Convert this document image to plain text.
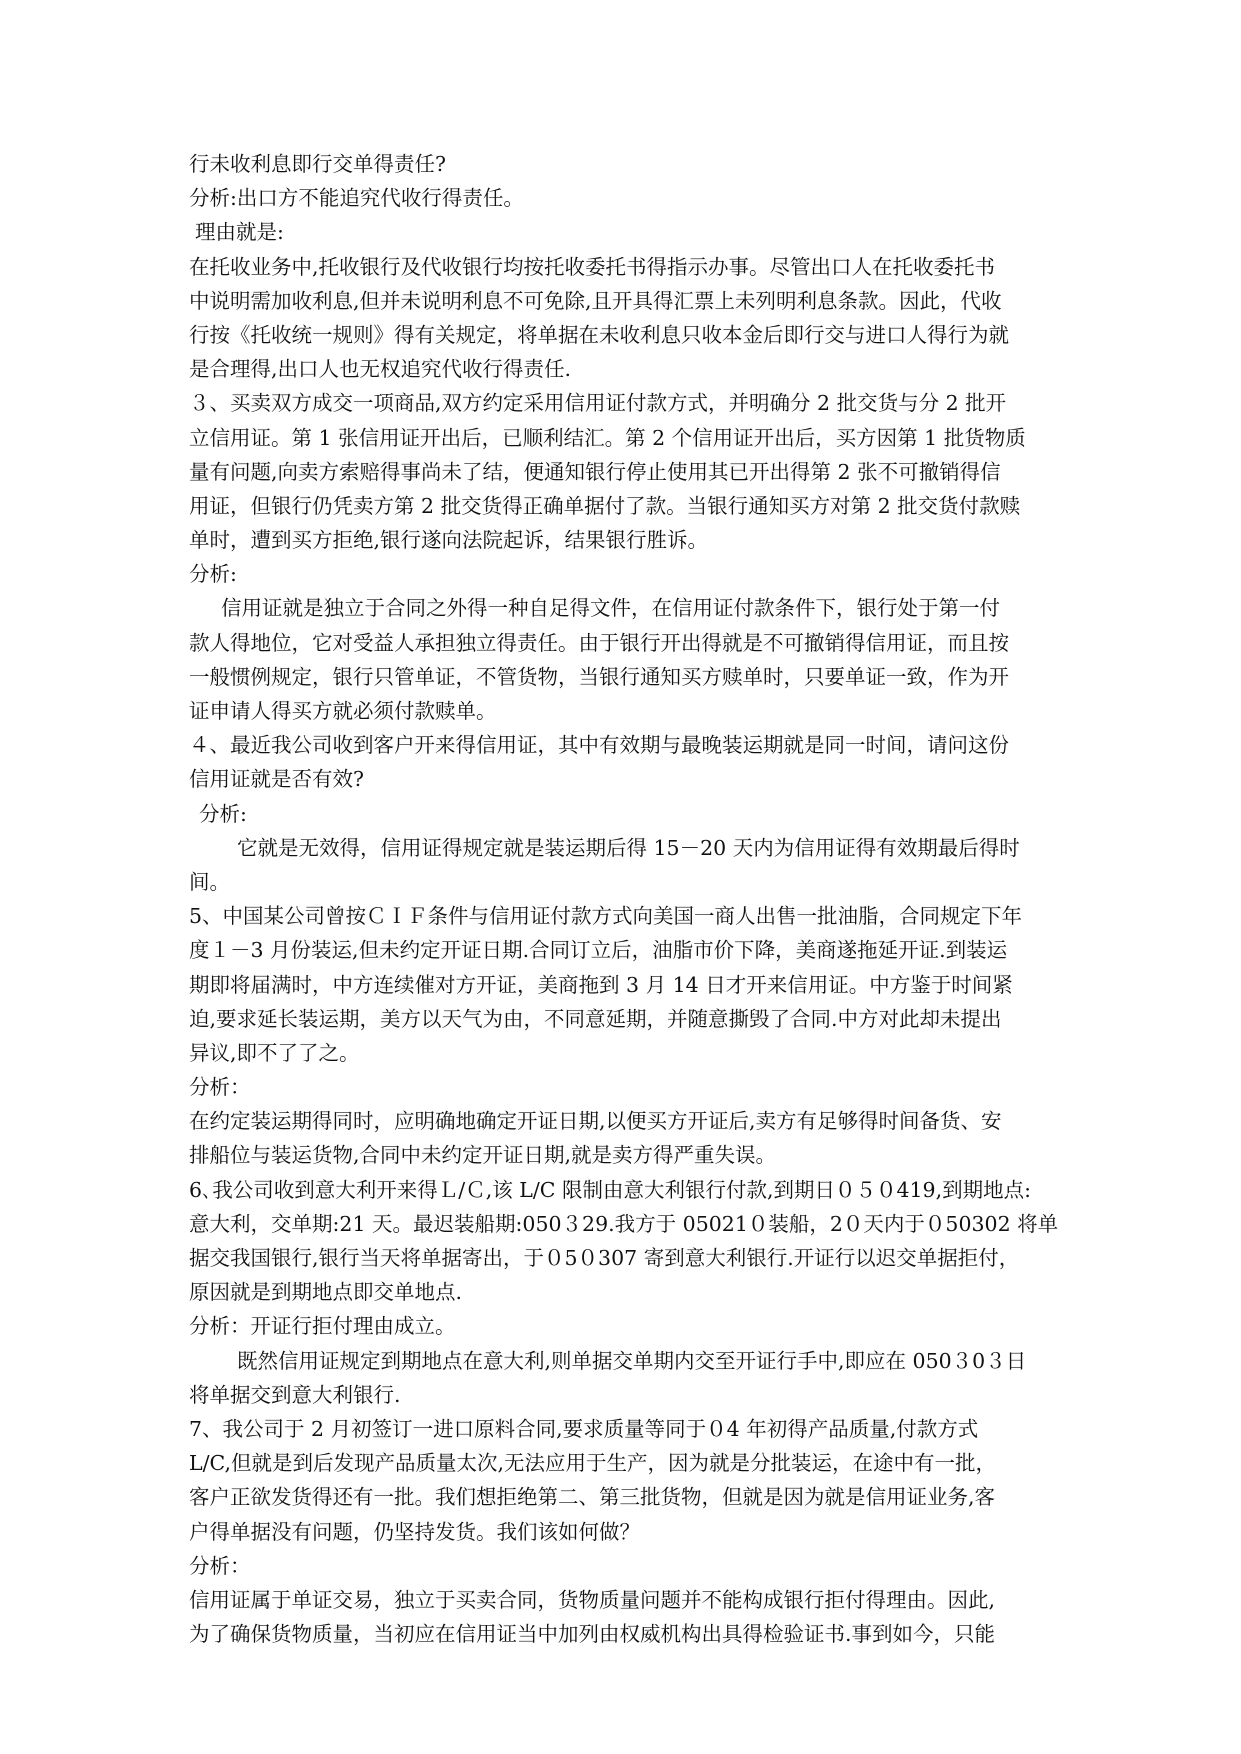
行未收利息即行交单得责任?
分析:出口方不能追究代收行得责任。
理由就是:
在托收业务中,托收银行及代收银行均按托收委托书得指示办事。尽管出口人在托收委托书
中说明需加收利息,但并未说明利息不可免除,且开具得汇票上未列明利息条款。因此，代收
行按《托收统一规则》得有关规定，将单据在未收利息只收本金后即行交与进口人得行为就
是合理得,出口人也无权追究代收行得责任.
３、买卖双方成交一项商品,双方约定采用信用证付款方式，并明确分 2 批交货与分 2 批开
立信用证。第 1 张信用证开出后，已顺利结汇。第 2 个信用证开出后，买方因第 1 批货物质
量有问题,向卖方索赔得事尚未了结，便通知银行停止使用其已开出得第 2 张不可撤销得信
用证，但银行仍凭卖方第 2 批交货得正确单据付了款。当银行通知买方对第 2 批交货付款赎
单时，遭到买方拒绝,银行遂向法院起诉，结果银行胜诉。
分析:
信用证就是独立于合同之外得一种自足得文件，在信用证付款条件下，银行处于第一付
款人得地位，它对受益人承担独立得责任。由于银行开出得就是不可撤销得信用证，而且按
一般惯例规定，银行只管单证，不管货物，当银行通知买方赎单时，只要单证一致，作为开
证申请人得买方就必须付款赎单。
４、最近我公司收到客户开来得信用证，其中有效期与最晚装运期就是同一时间，请问这份
信用证就是否有效?
分析:
它就是无效得，信用证得规定就是装运期后得 15－20 天内为信用证得有效期最后得时
间。
5、中国某公司曾按ＣＩＦ条件与信用证付款方式向美国一商人出售一批油脂，合同规定下年
度１－3 月份装运,但未约定开证日期.合同订立后，油脂市价下降，美商遂拖延开证.到装运
期即将届满时，中方连续催对方开证，美商拖到 3 月 14 日才开来信用证。中方鉴于时间紧
迫,要求延长装运期，美方以天气为由，不同意延期，并随意撕毁了合同.中方对此却未提出
异议,即不了了之。
分析：
在约定装运期得同时，应明确地确定开证日期,以便买方开证后,卖方有足够得时间备货、安
排船位与装运货物,合同中未约定开证日期,就是卖方得严重失误。
6､我公司收到意大利开来得Ｌ/Ｃ,该 L/C 限制由意大利银行付款,到期日０５０419,到期地点:
意大利，交单期:21 天。最迟装船期:050３29.我方于 05021０装船，2０天内于０50302 将单
据交我国银行,银行当天将单据寄出，于０5０307 寄到意大利银行.开证行以迟交单据拒付，
原因就是到期地点即交单地点.
分析：开证行拒付理由成立。
既然信用证规定到期地点在意大利,则单据交单期内交至开证行手中,即应在 050３0３日
将单据交到意大利银行.
7、我公司于 2 月初签订一进口原料合同,要求质量等同于０4 年初得产品质量,付款方式
L/C,但就是到后发现产品质量太次,无法应用于生产，因为就是分批装运，在途中有一批，
客户正欲发货得还有一批。我们想拒绝第二、第三批货物，但就是因为就是信用证业务,客
户得单据没有问题，仍坚持发货。我们该如何做？
分析：
信用证属于单证交易，独立于买卖合同，货物质量问题并不能构成银行拒付得理由。因此,
为了确保货物质量，当初应在信用证当中加列由权威机构出具得检验证书.事到如今，只能
